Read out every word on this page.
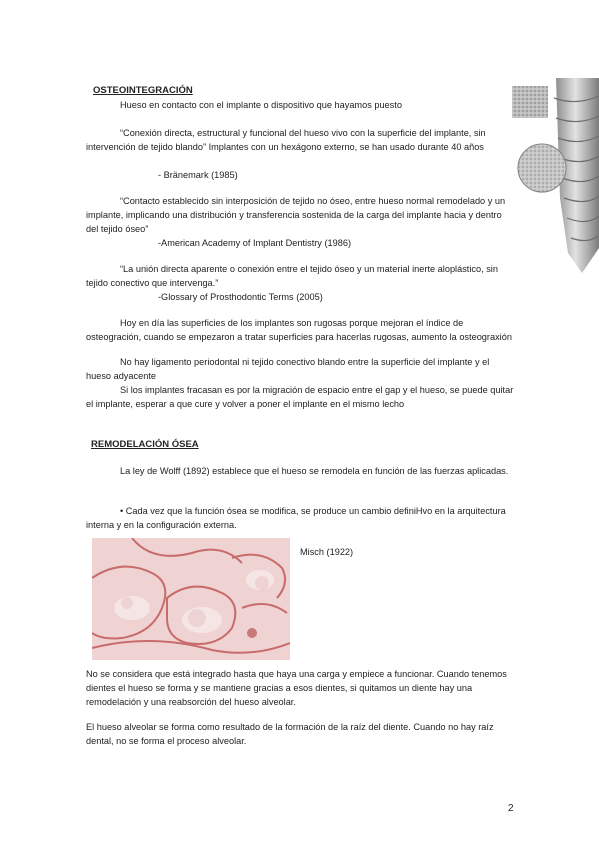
OSTEOINTEGRACIÓN
Hueso en contacto con el implante o dispositivo que hayamos puesto
“Conexión directa, estructural y funcional del hueso vivo con la superficie del implante, sin intervención de tejido blando” Implantes con un hexágono externo, se han usado durante 40 años
- Bränemark (1985)
“Contacto establecido sin interposición de tejido no óseo, entre hueso normal remodelado y un implante, implicando una distribución y transferencia sostenida de la carga del implante hacia y dentro del tejido óseo”
-American Academy of Implant Dentistry (1986)
“La unión directa aparente o conexión entre el tejido óseo y un material inerte aloplástico, sin tejido conectivo que intervenga.”
-Glossary of Prosthodontic Terms (2005)
Hoy en día las superficies de los implantes son rugosas porque mejoran el índice de osteogración, cuando se empezaron a tratar superficies para hacerlas rugosas, aumento la osteograxión
No hay ligamento periodontal ni tejido conectivo blando entre la superficie del implante y el hueso adyacente
Si los implantes fracasan es por la migración de espacio entre el gap y el hueso, se puede quitar el implante, esperar a que cure y volver a poner el implante en el mismo lecho
REMODELACIÓN ÓSEA
La ley de Wolff (1892) establece que el hueso se remodela en función de las fuerzas aplicadas.
• Cada vez que la función ósea se modifica, se produce un cambio definiHvo en la arquitectura interna y en la configuración externa.
Misch (1922)
No se considera que está integrado hasta que haya una carga y empiece a funcionar. Cuando tenemos dientes el hueso se forma y se mantiene gracias a esos dientes, si quitamos un diente hay una remodelación y una reabsorción del hueso alveolar.
El hueso alveolar se forma como resultado de la formación de la raíz del diente. Cuando no hay raíz dental, no se forma el proceso alveolar.
2
